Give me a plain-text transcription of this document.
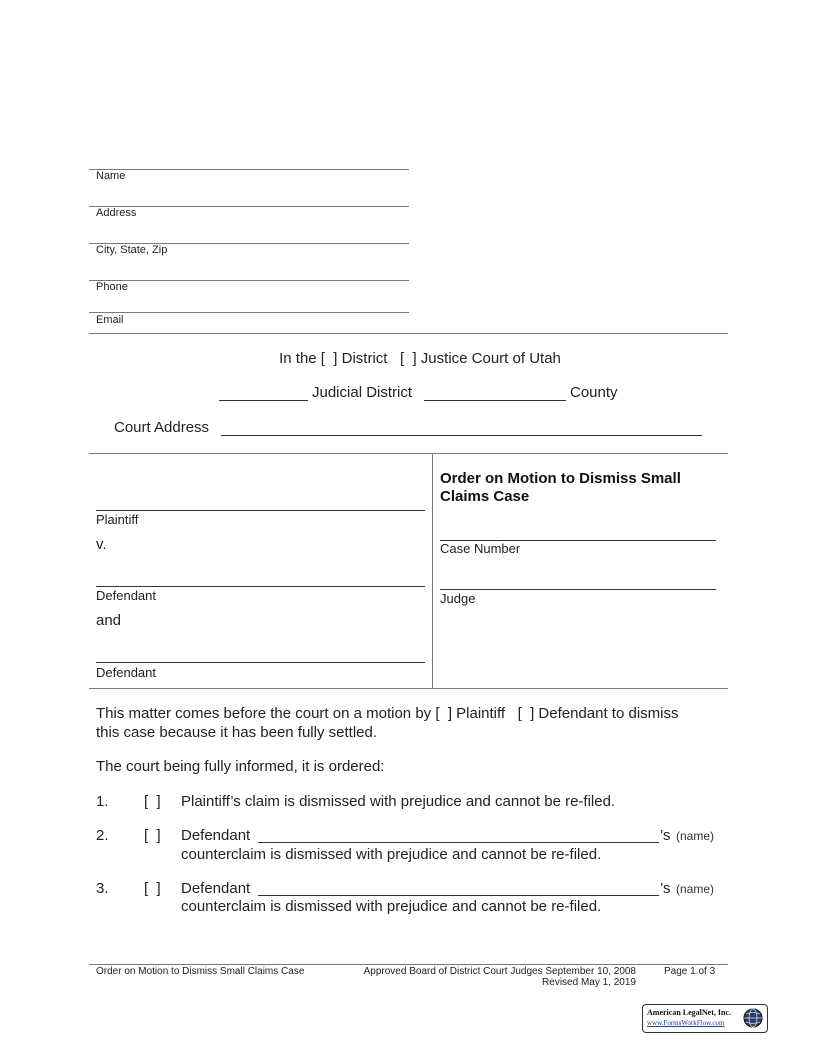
Name
Address
City, State, Zip
Phone
Email
In the [  ] District   [  ] Justice Court of Utah
Judicial District	County
Court Address
Plaintiff
v.
Defendant
and
Defendant
Order on Motion to Dismiss Small Claims Case
Case Number
Judge
This matter comes before the court on a motion by [  ] Plaintiff   [  ] Defendant to dismiss
this case because it has been fully settled.
The court being fully informed, it is ordered:
1. [  ] Plaintiff’s claim is dismissed with prejudice and cannot be re-filed.
2. [  ] Defendant	’s (name)
counterclaim is dismissed with prejudice and cannot be re-filed.
3. [  ] Defendant	’s (name)
counterclaim is dismissed with prejudice and cannot be re-filed.
Order on Motion to Dismiss Small Claims Case	Approved Board of District Court Judges September 10, 2008
Revised May 1, 2019
Page 1 of 3
American LegalNet, Inc.
www.FormsWorkFlow.com
